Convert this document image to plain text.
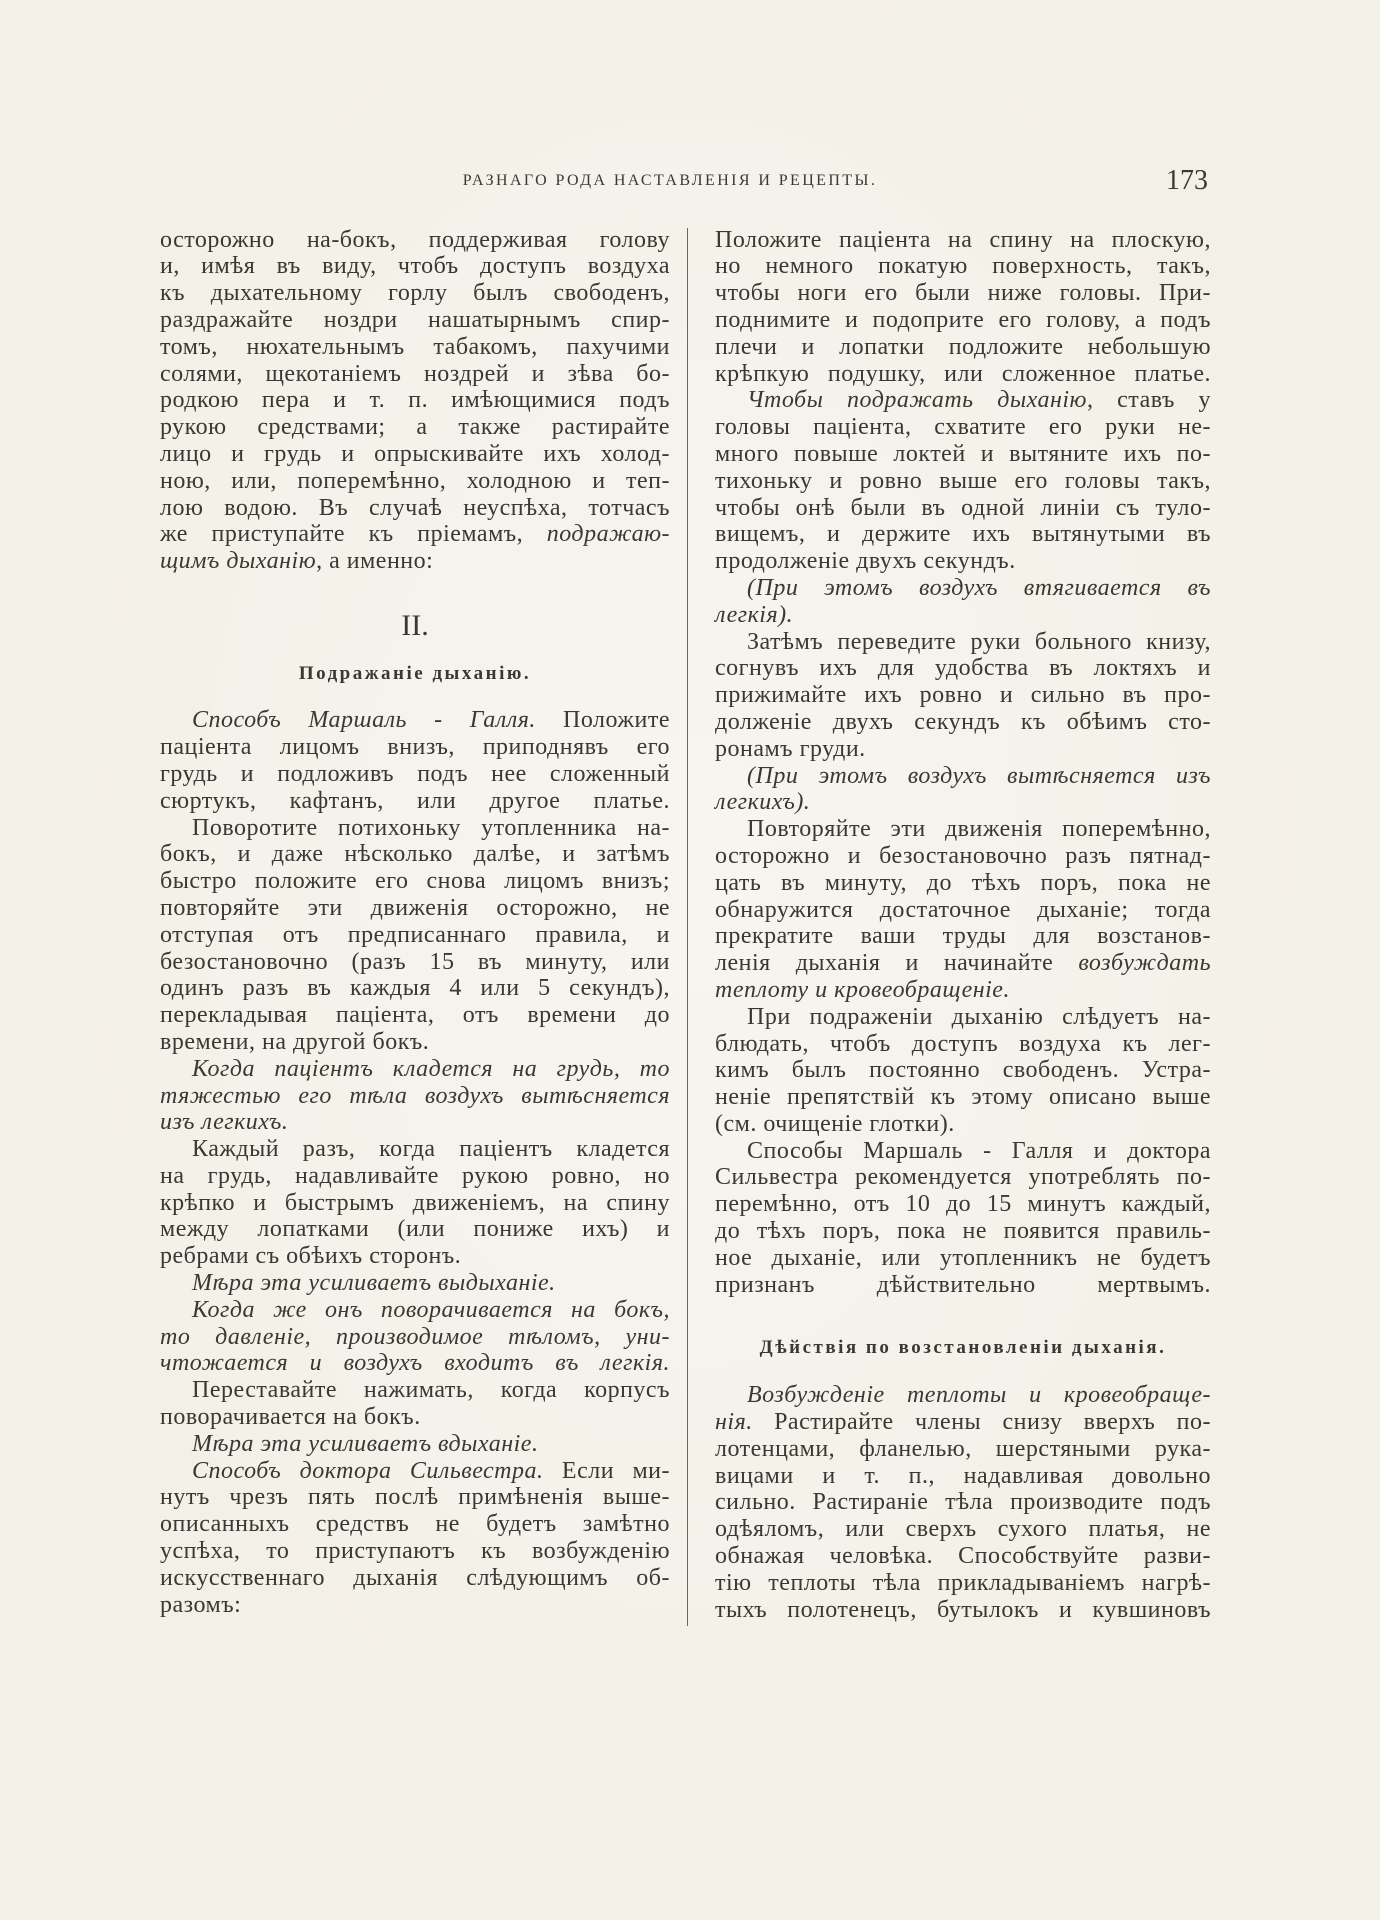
РАЗНАГО РОДА НАСТАВЛЕНІЯ И РЕЦЕПТЫ.	173
осторожно на-бокъ, поддерживая голову
и, имѣя въ виду, чтобъ доступъ воздуха
къ дыхательному горлу былъ свободенъ,
раздражайте ноздри нашатырнымъ спир-
томъ, нюхательнымъ табакомъ, пахучими
солями, щекотаніемъ ноздрей и зѣва бо-
родкою пера и т. п. имѣющимися подъ
рукою средствами; а также растирайте
лицо и грудь и опрыскивайте ихъ холод-
ною, или, поперемѣнно, холодною и теп-
лою водою. Въ случаѣ неуспѣха, тотчасъ
же приступайте къ пріемамъ, подражаю-
щимъ дыханію, а именно:
II.
Подражаніе дыханію.
Способъ Маршаль - Галля. Положите
паціента лицомъ внизъ, приподнявъ его
грудь и подложивъ подъ нее сложенный
сюртукъ, кафтанъ, или другое платье.
Поворотите потихоньку утопленника на-
бокъ, и даже нѣсколько далѣе, и затѣмъ
быстро положите его снова лицомъ внизъ;
повторяйте эти движенія осторожно, не
отступая отъ предписаннаго правила, и
безостановочно (разъ 15 въ минуту, или
одинъ разъ въ каждыя 4 или 5 секундъ),
перекладывая паціента, отъ времени до
времени, на другой бокъ.
Когда паціентъ кладется на грудь, то
тяжестью его тѣла воздухъ вытѣсняется
изъ легкихъ.
Каждый разъ, когда паціентъ кладется
на грудь, надавливайте рукою ровно, но
крѣпко и быстрымъ движеніемъ, на спину
между лопатками (или пониже ихъ) и
ребрами съ обѣихъ сторонъ.
Мѣра эта усиливаетъ выдыханіе.
Когда же онъ поворачивается на бокъ,
то давленіе, производимое тѣломъ, уни-
чтожается и воздухъ входитъ въ легкія.
Переставайте нажимать, когда корпусъ
поворачивается на бокъ.
Мѣра эта усиливаетъ вдыханіе.
Способъ доктора Сильвестра. Если ми-
нутъ чрезъ пять послѣ примѣненія выше-
описанныхъ средствъ не будетъ замѣтно
успѣха, то приступаютъ къ возбужденію
искусственнаго дыханія слѣдующимъ об-
разомъ:
Положите паціента на спину на плоскую,
но немного покатую поверхность, такъ,
чтобы ноги его были ниже головы. При-
поднимите и подоприте его голову, а подъ
плечи и лопатки подложите небольшую
крѣпкую подушку, или сложенное платье.
Чтобы подражать дыханію, ставъ у
головы паціента, схватите его руки не-
много повыше локтей и вытяните ихъ по-
тихоньку и ровно выше его головы такъ,
чтобы онѣ были въ одной линіи съ туло-
вищемъ, и держите ихъ вытянутыми въ
продолженіе двухъ секундъ.
(При этомъ воздухъ втягивается въ
легкія).
Затѣмъ переведите руки больного книзу,
согнувъ ихъ для удобства въ локтяхъ и
прижимайте ихъ ровно и сильно въ про-
долженіе двухъ секундъ къ обѣимъ сто-
ронамъ груди.
(При этомъ воздухъ вытѣсняется изъ
легкихъ).
Повторяйте эти движенія поперемѣнно,
осторожно и безостановочно разъ пятнад-
цать въ минуту, до тѣхъ поръ, пока не
обнаружится достаточное дыханіе; тогда
прекратите ваши труды для возстанов-
ленія дыханія и начинайте возбуждать
теплоту и кровеобращеніе.
При подраженіи дыханію слѣдуетъ на-
блюдать, чтобъ доступъ воздуха къ лег-
кимъ былъ постоянно свободенъ. Устра-
неніе препятствій къ этому описано выше
(см. очищеніе глотки).
Способы Маршаль - Галля и доктора
Сильвестра рекомендуется употреблять по-
перемѣнно, отъ 10 до 15 минутъ каждый,
до тѣхъ поръ, пока не появится правиль-
ное дыханіе, или утопленникъ не будетъ
признанъ дѣйствительно мертвымъ.
Дѣйствія по возстановленіи дыханія.
Возбужденіе теплоты и кровеобраще-
нія. Растирайте члены снизу вверхъ по-
лотенцами, фланелью, шерстяными рука-
вицами и т. п., надавливая довольно
сильно. Растираніе тѣла производите подъ
одѣяломъ, или сверхъ сухого платья, не
обнажая человѣка. Способствуйте разви-
тію теплоты тѣла прикладываніемъ нагрѣ-
тыхъ полотенецъ, бутылокъ и кувшиновъ
